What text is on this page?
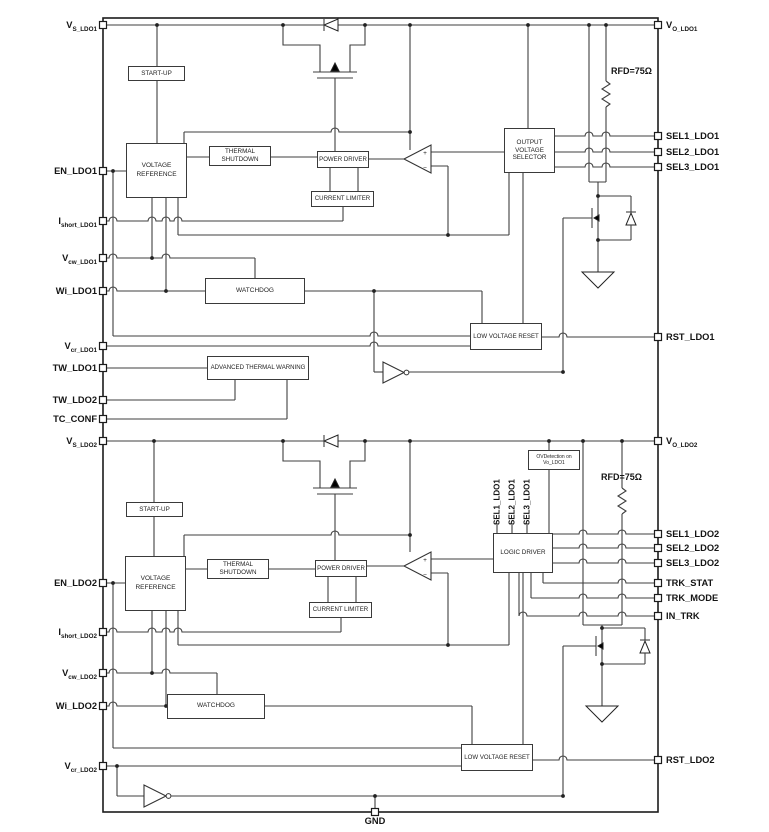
+
−
+
−
SEL1_LDO1 SEL2_LDO1 SEL3_LDO1
RFD=75Ω
RFD=75Ω
$V_{S\_LDO1}$
EN_LDO1
$I_{short\_LDO1}$
$V_{cw\_LDO1}$
Wi_LDO1
$V_{cr\_LDO1}$
TW_LDO1
TW_LDO2
TC_CONF
$V_{S\_LDO2}$
EN_LDO2
$I_{short\_LDO2}$
$V_{cw\_LDO2}$
Wi_LDO2
$V_{cr\_LDO2}$
$V_{O\_LDO1}$
SEL1_LDO1
SEL2_LDO1
SEL3_LDO1
RST_LDO1
$V_{O\_LDO2}$
SEL1_LDO2
SEL2_LDO2
SEL3_LDO2
TRK_STAT
TRK_MODE
IN_TRK
RST_LDO2
GND
START-UP
VOLTAGE REFERENCE
THERMAL SHUTDOWN	POWER DRIVER
CURRENT LIMITER
OUTPUT VOLTAGE SELECTOR
WATCHDOG
LOW VOLTAGE RESET
ADVANCED THERMAL WARNING
OVDetection on Vo_LDO1
START-UP
VOLTAGE REFERENCE
THERMAL SHUTDOWN
POWER DRIVER
CURRENT LIMITER
LOGIC DRIVER
WATCHDOG
LOW VOLTAGE RESET
